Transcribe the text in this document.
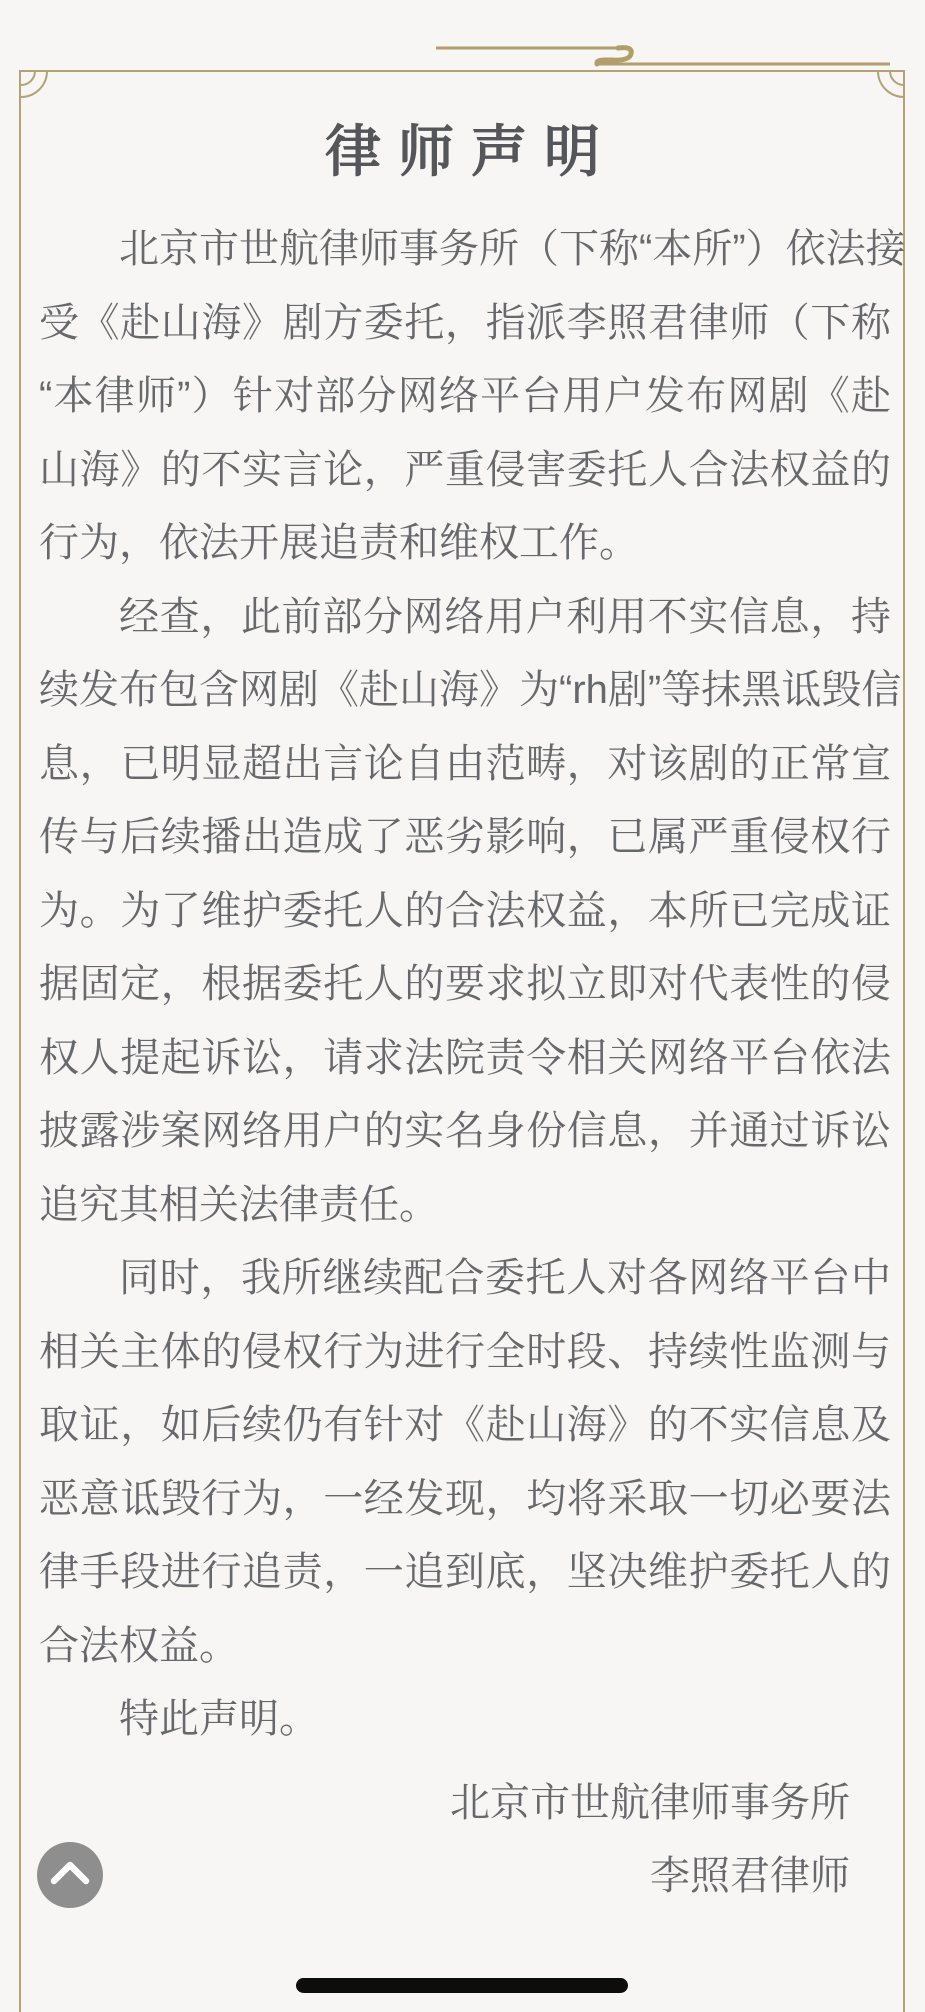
律师声明
北京市世航律师事务所（下称“本所”）依法接
受《赴山海》剧方委托，指派李照君律师（下称
“本律师”）针对部分网络平台用户发布网剧《赴
山海》的不实言论，严重侵害委托人合法权益的
行为，依法开展追责和维权工作。
经查，此前部分网络用户利用不实信息，持
续发布包含网剧《赴山海》为“rh剧”等抹黑诋毁信
息，已明显超出言论自由范畴，对该剧的正常宣
传与后续播出造成了恶劣影响，已属严重侵权行
为。为了维护委托人的合法权益，本所已完成证
据固定，根据委托人的要求拟立即对代表性的侵
权人提起诉讼，请求法院责令相关网络平台依法
披露涉案网络用户的实名身份信息，并通过诉讼
追究其相关法律责任。
同时，我所继续配合委托人对各网络平台中
相关主体的侵权行为进行全时段、持续性监测与
取证，如后续仍有针对《赴山海》的不实信息及
恶意诋毁行为，一经发现，均将采取一切必要法
律手段进行追责，一追到底，坚决维护委托人的
合法权益。
特此声明。
北京市世航律师事务所
李照君律师
